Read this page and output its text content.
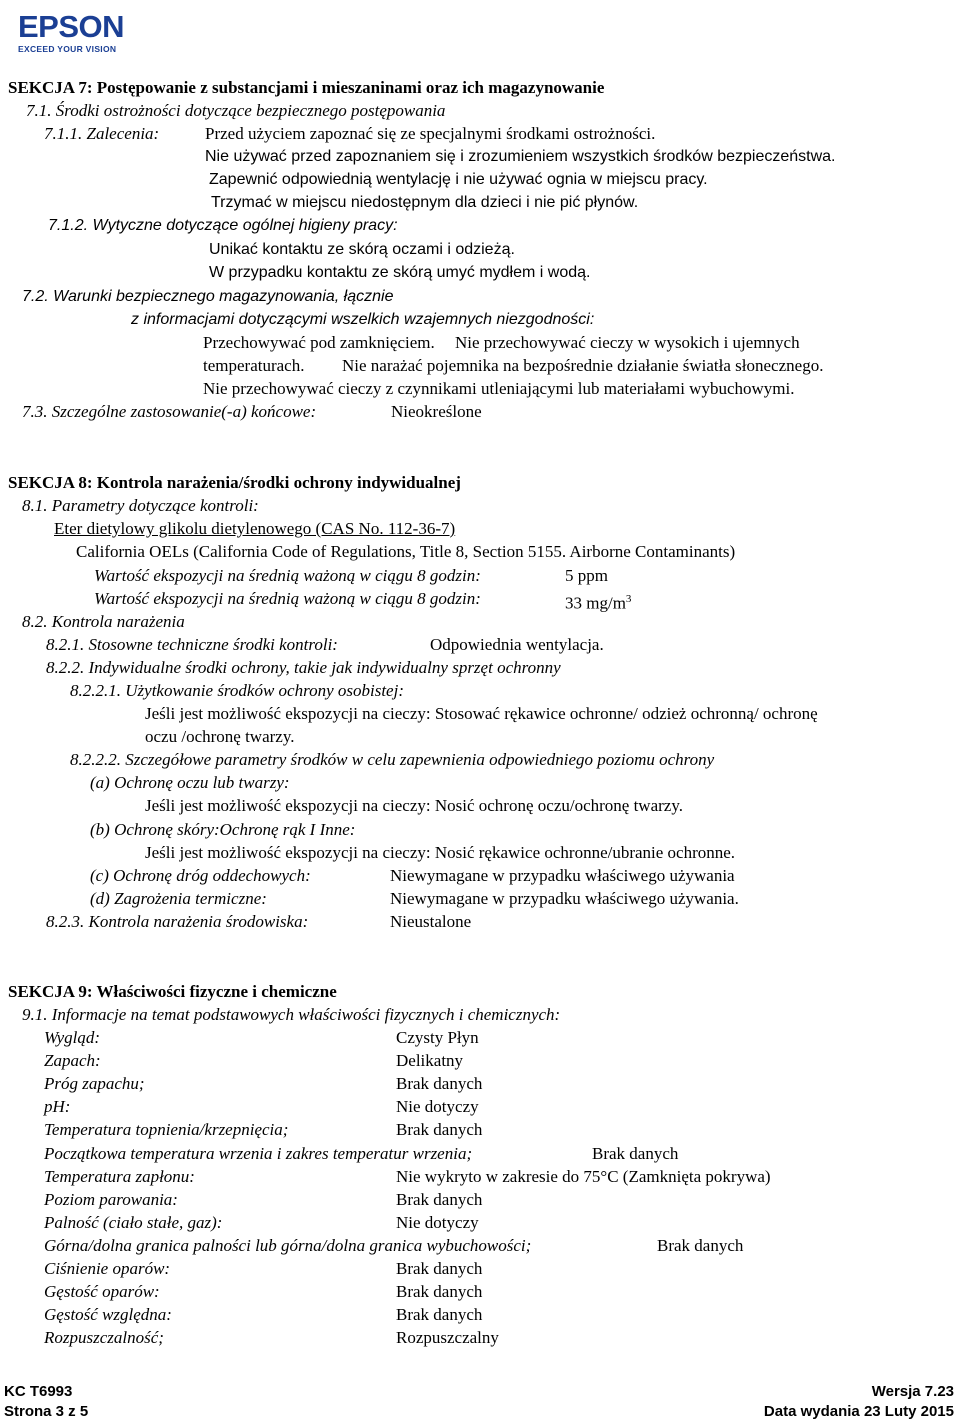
EPSON
EXCEED YOUR VISION
SEKCJA 7: Postępowanie z substancjami i mieszaninami oraz ich magazynowanie
7.1. Środki ostrożności dotyczące bezpiecznego postępowania
7.1.1. Zalecenia:	Przed użyciem zapoznać się ze specjalnymi środkami ostrożności.
Nie używać przed zapoznaniem się i zrozumieniem wszystkich środków bezpieczeństwa.
Zapewnić odpowiednią wentylację i nie używać ognia w miejscu pracy.
Trzymać w miejscu niedostępnym dla dzieci i nie pić płynów.
7.1.2. Wytyczne dotyczące ogólnej higieny pracy:
Unikać kontaktu ze skórą oczami i odzieżą.
W przypadku kontaktu ze skórą umyć mydłem i wodą.
7.2. Warunki bezpiecznego magazynowania, łącznie
z informacjami dotyczącymi wszelkich wzajemnych niezgodności:
Przechowywać pod zamknięciem. Nie przechowywać cieczy w wysokich i ujemnych
temperaturach. Nie narażać pojemnika na bezpośrednie działanie światła słonecznego.
Nie przechowywać cieczy z czynnikami utleniającymi lub materiałami wybuchowymi.
7.3. Szczególne zastosowanie(-a) końcowe:	Nieokreślone
SEKCJA 8: Kontrola narażenia/środki ochrony indywidualnej
8.1. Parametry dotyczące kontroli:
Eter dietylowy glikolu dietylenowego (CAS No. 112-36-7)
California OELs (California Code of Regulations, Title 8, Section 5155. Airborne Contaminants)
Wartość ekspozycji na średnią ważoną w ciągu 8 godzin:	5 ppm
Wartość ekspozycji na średnią ważoną w ciągu 8 godzin:	33 $mg/m^3$
8.2. Kontrola narażenia
8.2.1. Stosowne techniczne środki kontroli:	Odpowiednia wentylacja.
8.2.2. Indywidualne środki ochrony, takie jak indywidualny sprzęt ochronny
8.2.2.1. Użytkowanie środków ochrony osobistej:
Jeśli jest możliwość ekspozycji na cieczy: Stosować rękawice ochronne/ odzież ochronną/ ochronę
oczu /ochronę twarzy.
8.2.2.2. Szczegółowe parametry środków w celu zapewnienia odpowiedniego poziomu ochrony
(a) Ochronę oczu lub twarzy:
Jeśli jest możliwość ekspozycji na cieczy: Nosić ochronę oczu/ochronę twarzy.
(b) Ochronę skóry:Ochronę rąk I Inne:
Jeśli jest możliwość ekspozycji na cieczy: Nosić rękawice ochronne/ubranie ochronne.
(c) Ochronę dróg oddechowych:	Niewymagane w przypadku właściwego używania
(d) Zagrożenia termiczne:	Niewymagane w przypadku właściwego używania.
8.2.3. Kontrola narażenia środowiska:	Nieustalone
SEKCJA 9: Właściwości fizyczne i chemiczne
9.1. Informacje na temat podstawowych właściwości fizycznych i chemicznych:
Wygląd:	Czysty Płyn
Zapach:	Delikatny
Próg zapachu;	Brak danych
pH:	Nie dotyczy
Temperatura topnienia/krzepnięcia;	Brak danych
Początkowa temperatura wrzenia i zakres temperatur wrzenia;	Brak danych
Temperatura zapłonu:	Nie wykryto w zakresie do 75°C (Zamknięta pokrywa)
Poziom parowania:	Brak danych
Palność (ciało stałe, gaz):	Nie dotyczy
Górna/dolna granica palności lub górna/dolna granica wybuchowości;	Brak danych
Ciśnienie oparów:	Brak danych
Gęstość oparów:	Brak danych
Gęstość względna:	Brak danych
Rozpuszczalność;	Rozpuszczalny
KC T6993
Strona 3 z 5
Wersja 7.23
Data wydania 23 Luty 2015
